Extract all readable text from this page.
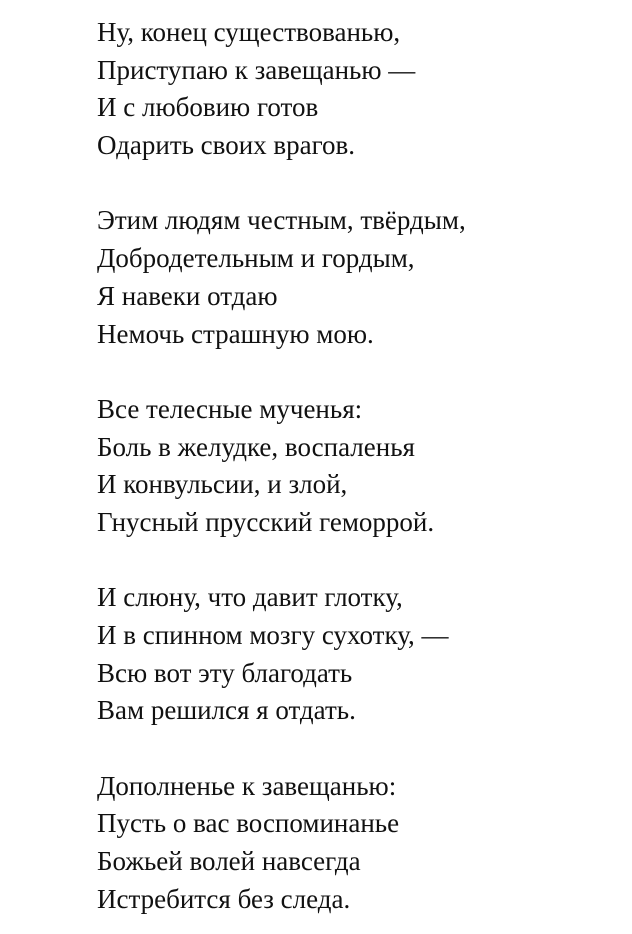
Ну, конец существованью,
Приступаю к завещанью —
И с любовию готов
Одарить своих врагов.
Этим людям честным, твёрдым,
Добродетельным и гордым,
Я навеки отдаю
Немочь страшную мою.
Все телесные мученья:
Боль в желудке, воспаленья
И конвульсии, и злой,
Гнусный прусский геморрой.
И слюну, что давит глотку,
И в спинном мозгу сухотку, —
Всю вот эту благодать
Вам решился я отдать.
Дополненье к завещанью:
Пусть о вас воспоминанье
Божьей волей навсегда
Истребится без следа.
